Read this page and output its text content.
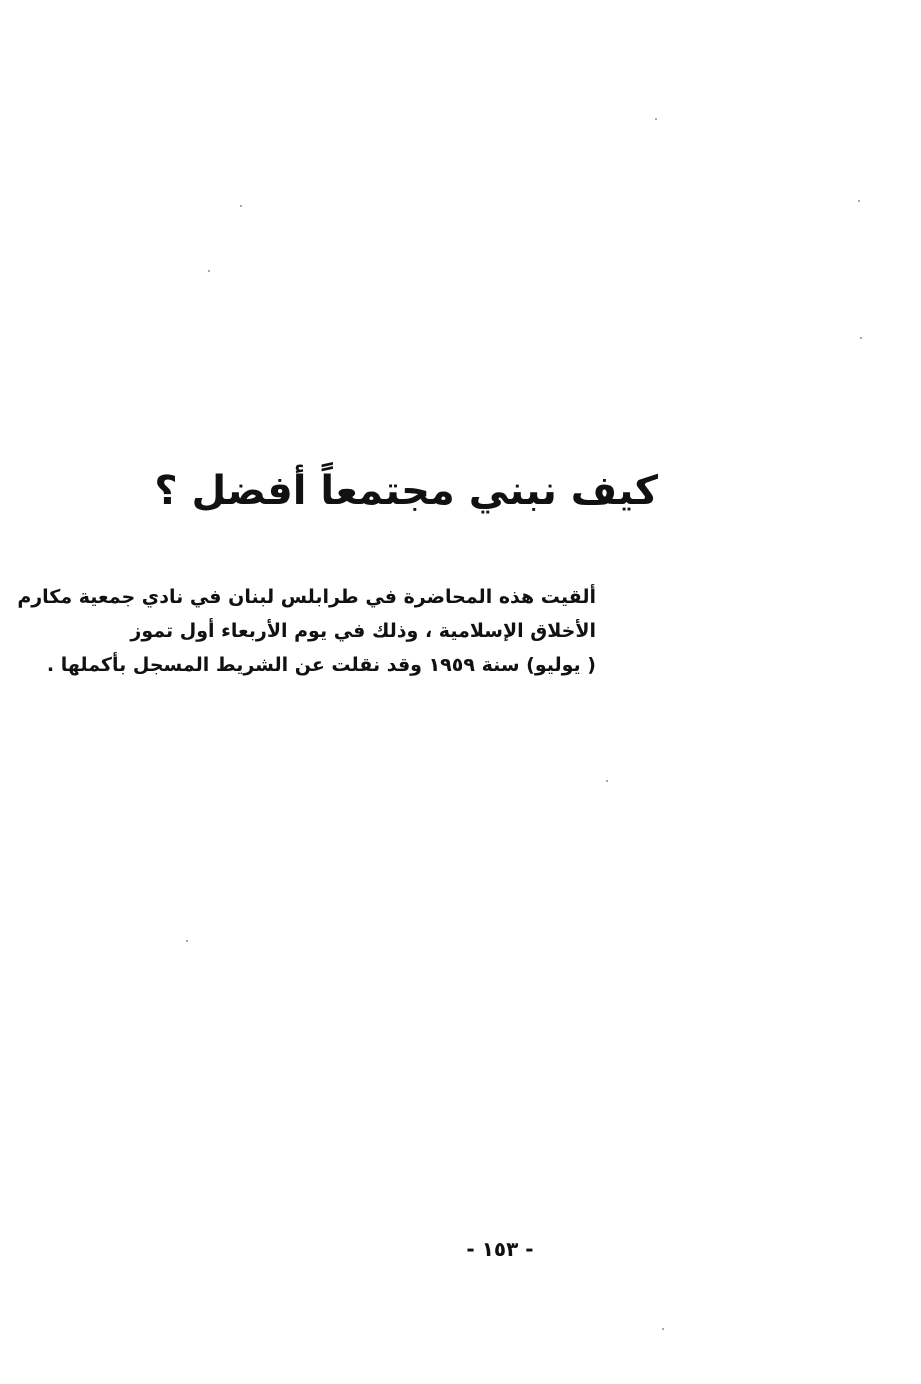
كيف نبني مجتمعاً أفضل ؟
ألقيت هذه المحاضرة في طرابلس لبنان في نادي جمعية مكارم
الأخلاق الإسلامية ، وذلك في يوم الأربعاء أول تموز
( يوليو) سنة ١٩٥٩ وقد نقلت عن الشريط المسجل بأكملها .
- ١٥٣ -
